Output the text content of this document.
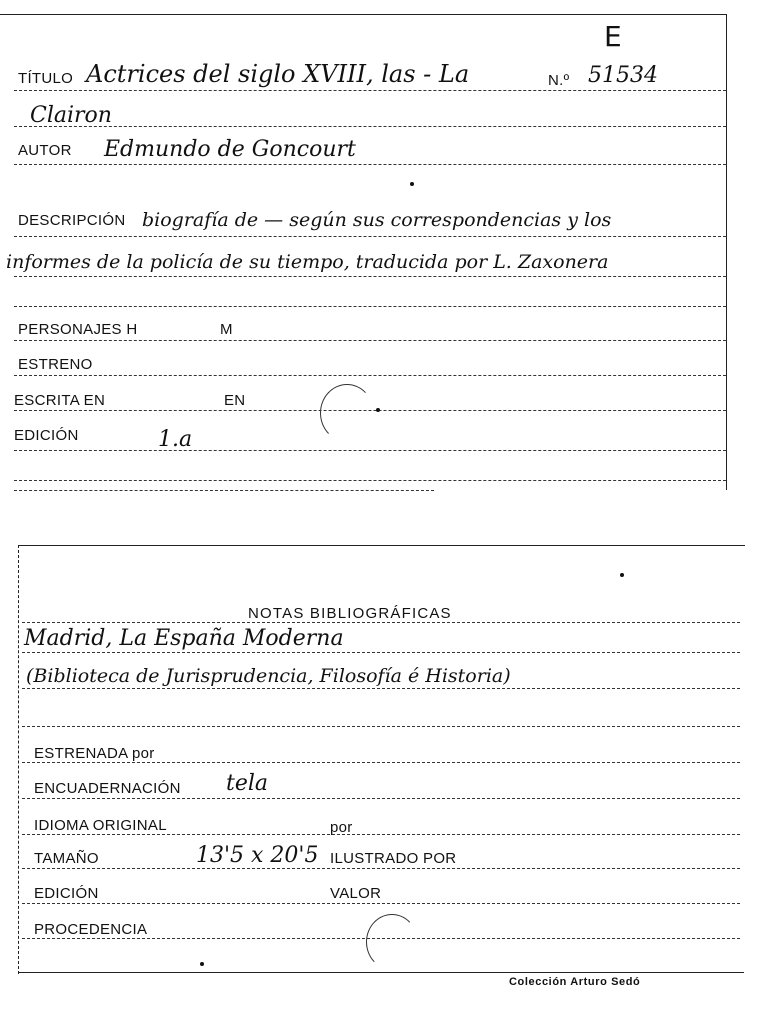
E
TÍTULO Actrices del siglo XVIII, las - La	N.º 51534
Clairon
AUTOR Edmundo de Goncourt
DESCRIPCIÓN biografía de — según sus correspondencias y los
informes de la policía de su tiempo, traducida por L. Zaxonera
PERSONAJES H	M
ESTRENO
ESCRITA EN	EN
EDICIÓN	1.a
NOTAS BIBLIOGRÁFICAS
Madrid, La España Moderna
(Biblioteca de Jurisprudencia, Filosofía é Historia)
ESTRENADA por
ENCUADERNACIÓN tela
IDIOMA ORIGINAL	por
TAMAÑO	13'5 x 20'5 ILUSTRADO POR
EDICIÓN	VALOR
PROCEDENCIA
Colección Arturo Sedó
